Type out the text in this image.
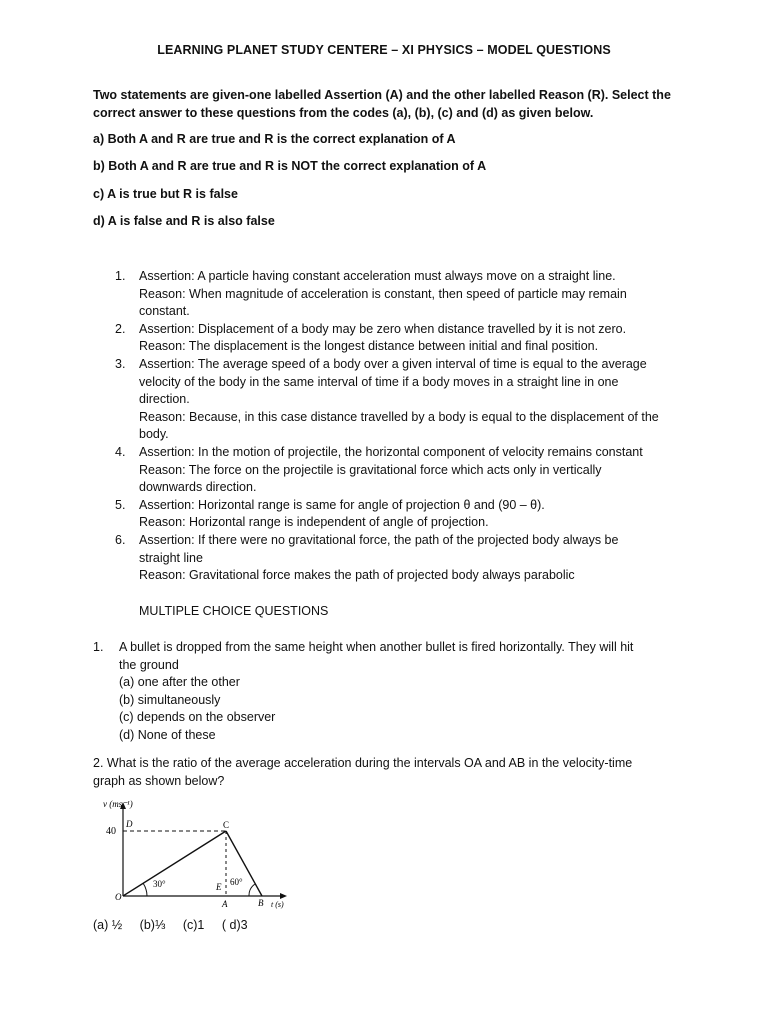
LEARNING PLANET STUDY CENTERE – XI PHYSICS – MODEL QUESTIONS
Two statements are given-one labelled Assertion (A) and the other labelled Reason (R). Select the
correct answer to these questions from the codes (a), (b), (c) and (d) as given below.
a) Both A and R are true and R is the correct explanation of A
b) Both A and R are true and R is NOT the correct explanation of A
c) A is true but R is false
d) A is false and R is also false
1. Assertion: A particle having constant acceleration must always move on a straight line.
Reason: When magnitude of acceleration is constant, then speed of particle may remain
constant.
2. Assertion: Displacement of a body may be zero when distance travelled by it is not zero.
Reason: The displacement is the longest distance between initial and final position.
3. Assertion: The average speed of a body over a given interval of time is equal to the average
velocity of the body in the same interval of time if a body moves in a straight line in one
direction.
Reason: Because, in this case distance travelled by a body is equal to the displacement of the
body.
4. Assertion: In the motion of projectile, the horizontal component of velocity remains constant
Reason: The force on the projectile is gravitational force which acts only in vertically
downwards direction.
5. Assertion: Horizontal range is same for angle of projection θ and (90 – θ).
Reason: Horizontal range is independent of angle of projection.
6. Assertion: If there were no gravitational force, the path of the projected body always be
straight line
Reason: Gravitational force makes the path of projected body always parabolic
MULTIPLE CHOICE QUESTIONS
1. A bullet is dropped from the same height when another bullet is fired horizontally. They will hit
the ground
(a) one after the other
(b) simultaneously
(c) depends on the observer
(d) None of these
2. What is the ratio of the average acceleration during the intervals OA and AB in the velocity-time
graph as shown below?
v (ms⁻¹)
40
D	C
O
E
A	B t (s)
30°	60°
(a) ½ (b)⅓ (c)1 ( d)3
